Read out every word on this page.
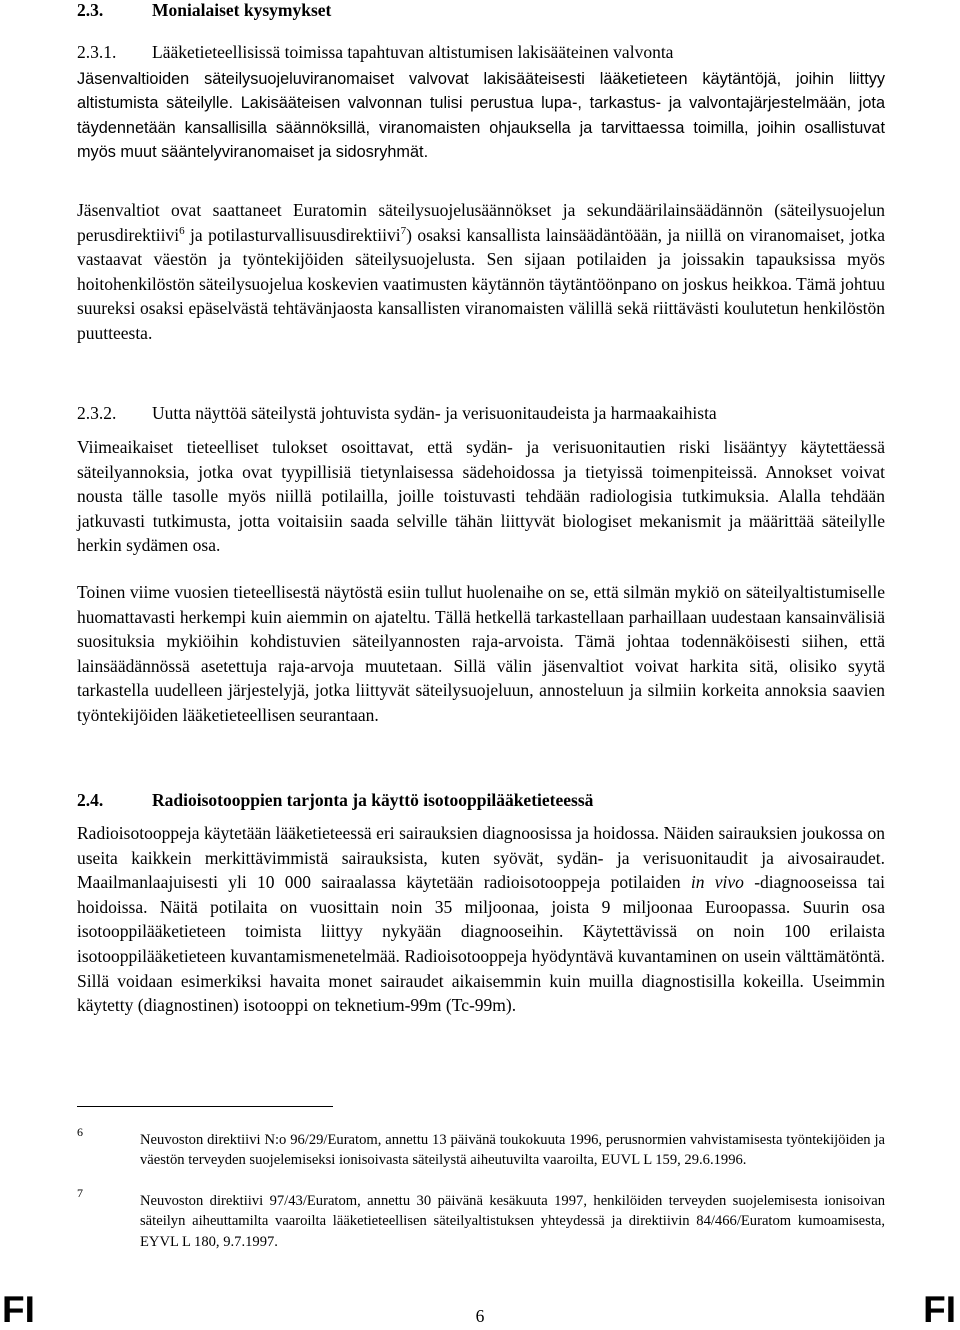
2.3.	Monialaiset kysymykset
2.3.1. Lääketieteellisissä toimissa tapahtuvan altistumisen lakisääteinen valvonta

Jäsenvaltioiden säteilysuojeluviranomaiset valvovat lakisääteisesti lääketieteen käytäntöjä, joihin liittyy altistumista säteilylle. Lakisääteisen valvonnan tulisi perustua lupa-, tarkastus- ja valvontajärjestelmään, jota täydennetään kansallisilla säännöksillä, viranomaisten ohjauksella ja tarvittaessa toimilla, joihin osallistuvat myös muut sääntelyviranomaiset ja sidosryhmät.

Jäsenvaltiot ovat saattaneet Euratomin säteilysuojelusäännökset ja sekundäärilainsäädännön (säteilysuojelun perusdirektiivi$^6$ ja potilasturvallisuusdirektiivi$^7$) osaksi kansallista lainsäädäntöään, ja niillä on viranomaiset, jotka vastaavat väestön ja työntekijöiden säteilysuojelusta. Sen sijaan potilaiden ja joissakin tapauksissa myös hoitohenkilöstön säteilysuojelua koskevien vaatimusten käytännön täytäntöönpano on joskus heikkoa. Tämä johtuu suureksi osaksi epäselvästä tehtävänjaosta kansallisten viranomaisten välillä sekä riittävästi koulutetun henkilöstön puutteesta.

2.3.2. Uutta näyttöä säteilystä johtuvista sydän- ja verisuonitaudeista ja harmaakaihista

Viimeaikaiset tieteelliset tulokset osoittavat, että sydän- ja verisuonitautien riski lisääntyy käytettäessä säteilyannoksia, jotka ovat tyypillisiä tietynlaisessa sädehoidossa ja tietyissä toimenpiteissä. Annokset voivat nousta tälle tasolle myös niillä potilailla, joille toistuvasti tehdään radiologisia tutkimuksia. Alalla tehdään jatkuvasti tutkimusta, jotta voitaisiin saada selville tähän liittyvät biologiset mekanismit ja määrittää säteilylle herkin sydämen osa.

Toinen viime vuosien tieteellisestä näytöstä esiin tullut huolenaihe on se, että silmän mykiö on säteilyaltistumiselle huomattavasti herkempi kuin aiemmin on ajateltu. Tällä hetkellä tarkastellaan parhaillaan uudestaan kansainvälisiä suosituksia mykiöihin kohdistuvien säteilyannosten raja-arvoista. Tämä johtaa todennäköisesti siihen, että lainsäädännössä asetettuja raja-arvoja muutetaan. Sillä välin jäsenvaltiot voivat harkita sitä, olisiko syytä tarkastella uudelleen järjestelyjä, jotka liittyvät säteilysuojeluun, annosteluun ja silmiin korkeita annoksia saavien työntekijöiden lääketieteellisen seurantaan.

2.4.	Radioisotooppien tarjonta ja käyttö isotooppilääketieteessä

Radioisotooppeja käytetään lääketieteessä eri sairauksien diagnoosissa ja hoidossa. Näiden sairauksien joukossa on useita kaikkein merkittävimmistä sairauksista, kuten syövät, sydän- ja verisuonitaudit ja aivosairaudet. Maailmanlaajuisesti yli 10 000 sairaalassa käytetään radioisotooppeja potilaiden in vivo -diagnooseissa tai hoidoissa. Näitä potilaita on vuosittain noin 35 miljoonaa, joista 9 miljoonaa Euroopassa. Suurin osa isotooppilääketieteen toimista liittyy nykyään diagnooseihin. Käytettävissä on noin 100 erilaista isotooppilääketieteen kuvantamismenetelmää. Radioisotooppeja hyödyntävä kuvantaminen on usein välttämätöntä. Sillä voidaan esimerkiksi havaita monet sairaudet aikaisemmin kuin muilla diagnostisilla kokeilla. Useimmin käytetty (diagnostinen) isotooppi on teknetium-99m (Tc-99m).

6	Neuvoston direktiivi N:o 96/29/Euratom, annettu 13 päivänä toukokuuta 1996, perusnormien vahvistamisesta työntekijöiden ja väestön terveyden suojelemiseksi ionisoivasta säteilystä aiheutuvilta vaaroilta, EUVL L 159, 29.6.1996.
7	Neuvoston direktiivi 97/43/Euratom, annettu 30 päivänä kesäkuuta 1997, henkilöiden terveyden suojelemisesta ionisoivan säteilyn aiheuttamilta vaaroilta lääketieteellisen säteilyaltistuksen yhteydessä ja direktiivin 84/466/Euratom kumoamisesta, EYVL L 180, 9.7.1997.
FI	6	FI
